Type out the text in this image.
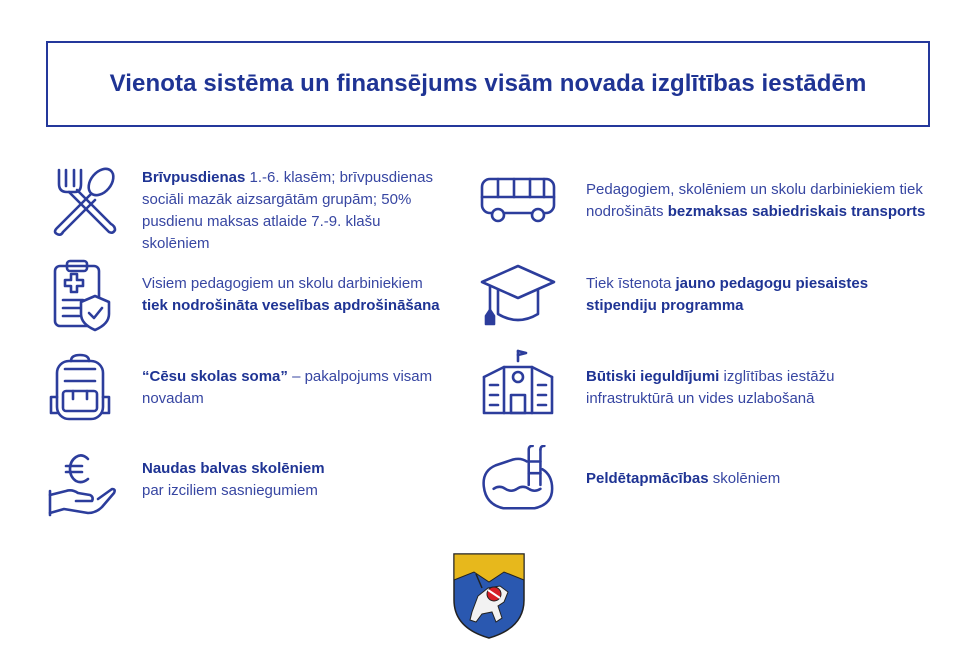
Vienota sistēma un finansējums visām novada izglītības iestādēm
Brīvpusdienas 1.-6. klasēm; brīvpusdienas sociāli mazāk aizsargātām grupām; 50% pusdienu maksas atlaide 7.-9. klašu skolēniem
Visiem pedagogiem un skolu darbiniekiem
tiek nodrošināta veselības apdrošināšana
“Cēsu skolas soma” – pakalpojums visam novadam
Naudas balvas skolēniem
par izciliem sasniegumiem
Pedagogiem, skolēniem un skolu darbiniekiem tiek nodrošināts bezmaksas sabiedriskais transports
Tiek īstenota jauno pedagogu piesaistes stipendiju programma
Būtiski ieguldījumi izglītības iestāžu infrastruktūrā un vides uzlabošanā
Peldētapmācības skolēniem
